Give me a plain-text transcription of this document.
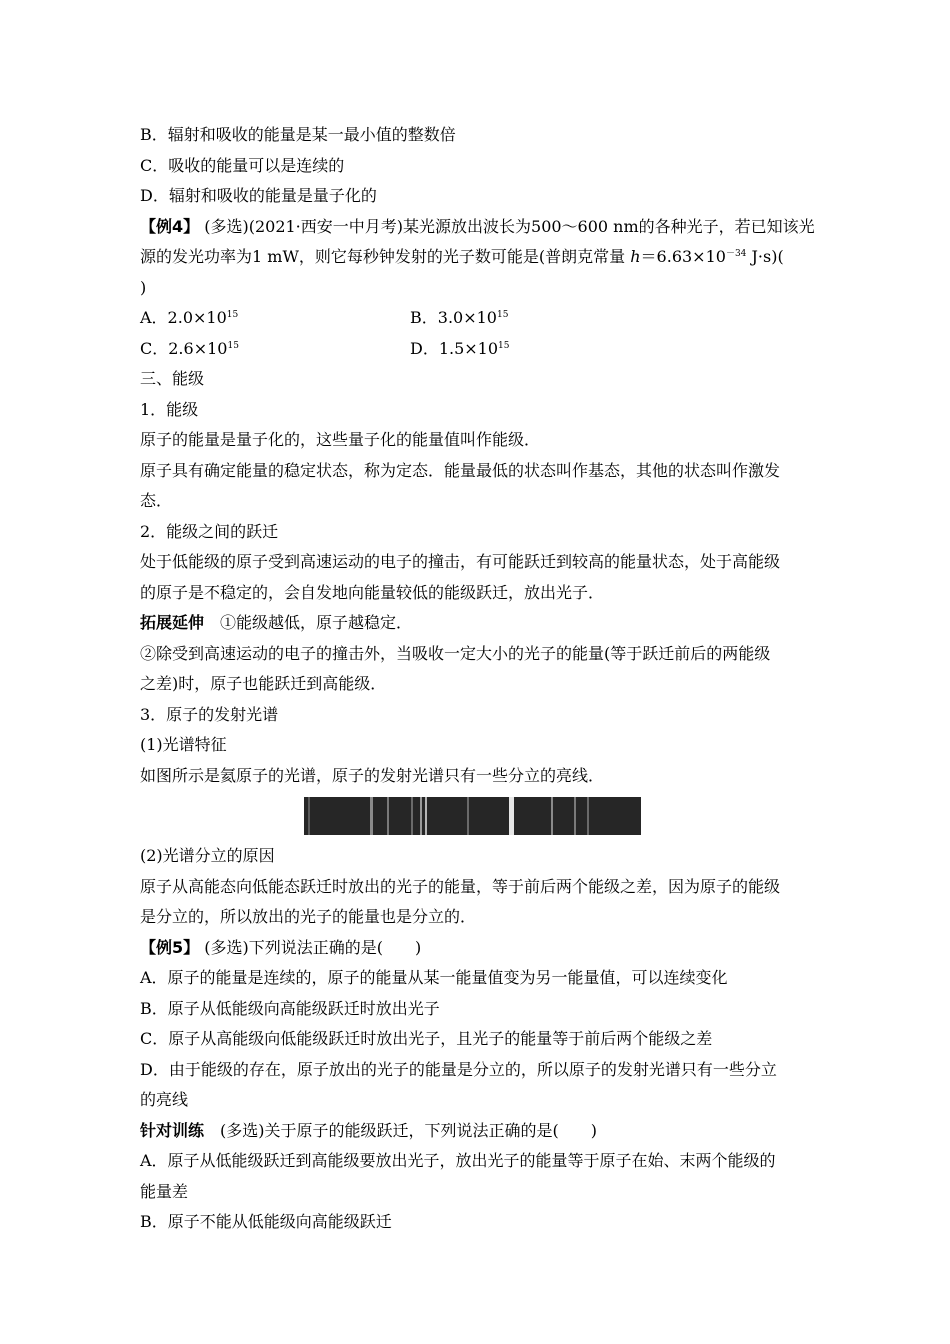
B．辐射和吸收的能量是某一最小值的整数倍
C．吸收的能量可以是连续的
D．辐射和吸收的能量是量子化的
【例4】 (多选)(2021·西安一中月考)某光源放出波长为500～600 nm的各种光子，若已知该光
源的发光功率为1 mW，则它每秒钟发射的光子数可能是(普朗克常量 $h=6.63\times 10^{-34}$ J·s)(
)
A．$2.0\times 10^{15}$	B．$3.0\times 10^{15}$
C．$2.6\times 10^{15}$	D．$1.5\times 10^{15}$
三、能级
1．能级
原子的能量是量子化的，这些量子化的能量值叫作能级．
原子具有确定能量的稳定状态，称为定态．能量最低的状态叫作基态，其他的状态叫作激发
态．
2．能级之间的跃迁
处于低能级的原子受到高速运动的电子的撞击，有可能跃迁到较高的能量状态，处于高能级
的原子是不稳定的，会自发地向能量较低的能级跃迁，放出光子．
拓展延伸　 ①能级越低，原子越稳定．
②除受到高速运动的电子的撞击外，当吸收一定大小的光子的能量(等于跃迁前后的两能级
之差)时，原子也能跃迁到高能级．
3．原子的发射光谱
(1)光谱特征
如图所示是氦原子的光谱，原子的发射光谱只有一些分立的亮线．
(2)光谱分立的原因
原子从高能态向低能态跃迁时放出的光子的能量，等于前后两个能级之差，因为原子的能级
是分立的，所以放出的光子的能量也是分立的．
【例5】 (多选)下列说法正确的是(　　)
A．原子的能量是连续的，原子的能量从某一能量值变为另一能量值，可以连续变化
B．原子从低能级向高能级跃迁时放出光子
C．原子从高能级向低能级跃迁时放出光子，且光子的能量等于前后两个能级之差
D．由于能级的存在，原子放出的光子的能量是分立的，所以原子的发射光谱只有一些分立
的亮线
针对训练　 (多选)关于原子的能级跃迁，下列说法正确的是(　　)
A．原子从低能级跃迁到高能级要放出光子，放出光子的能量等于原子在始、末两个能级的
能量差
B．原子不能从低能级向高能级跃迁
